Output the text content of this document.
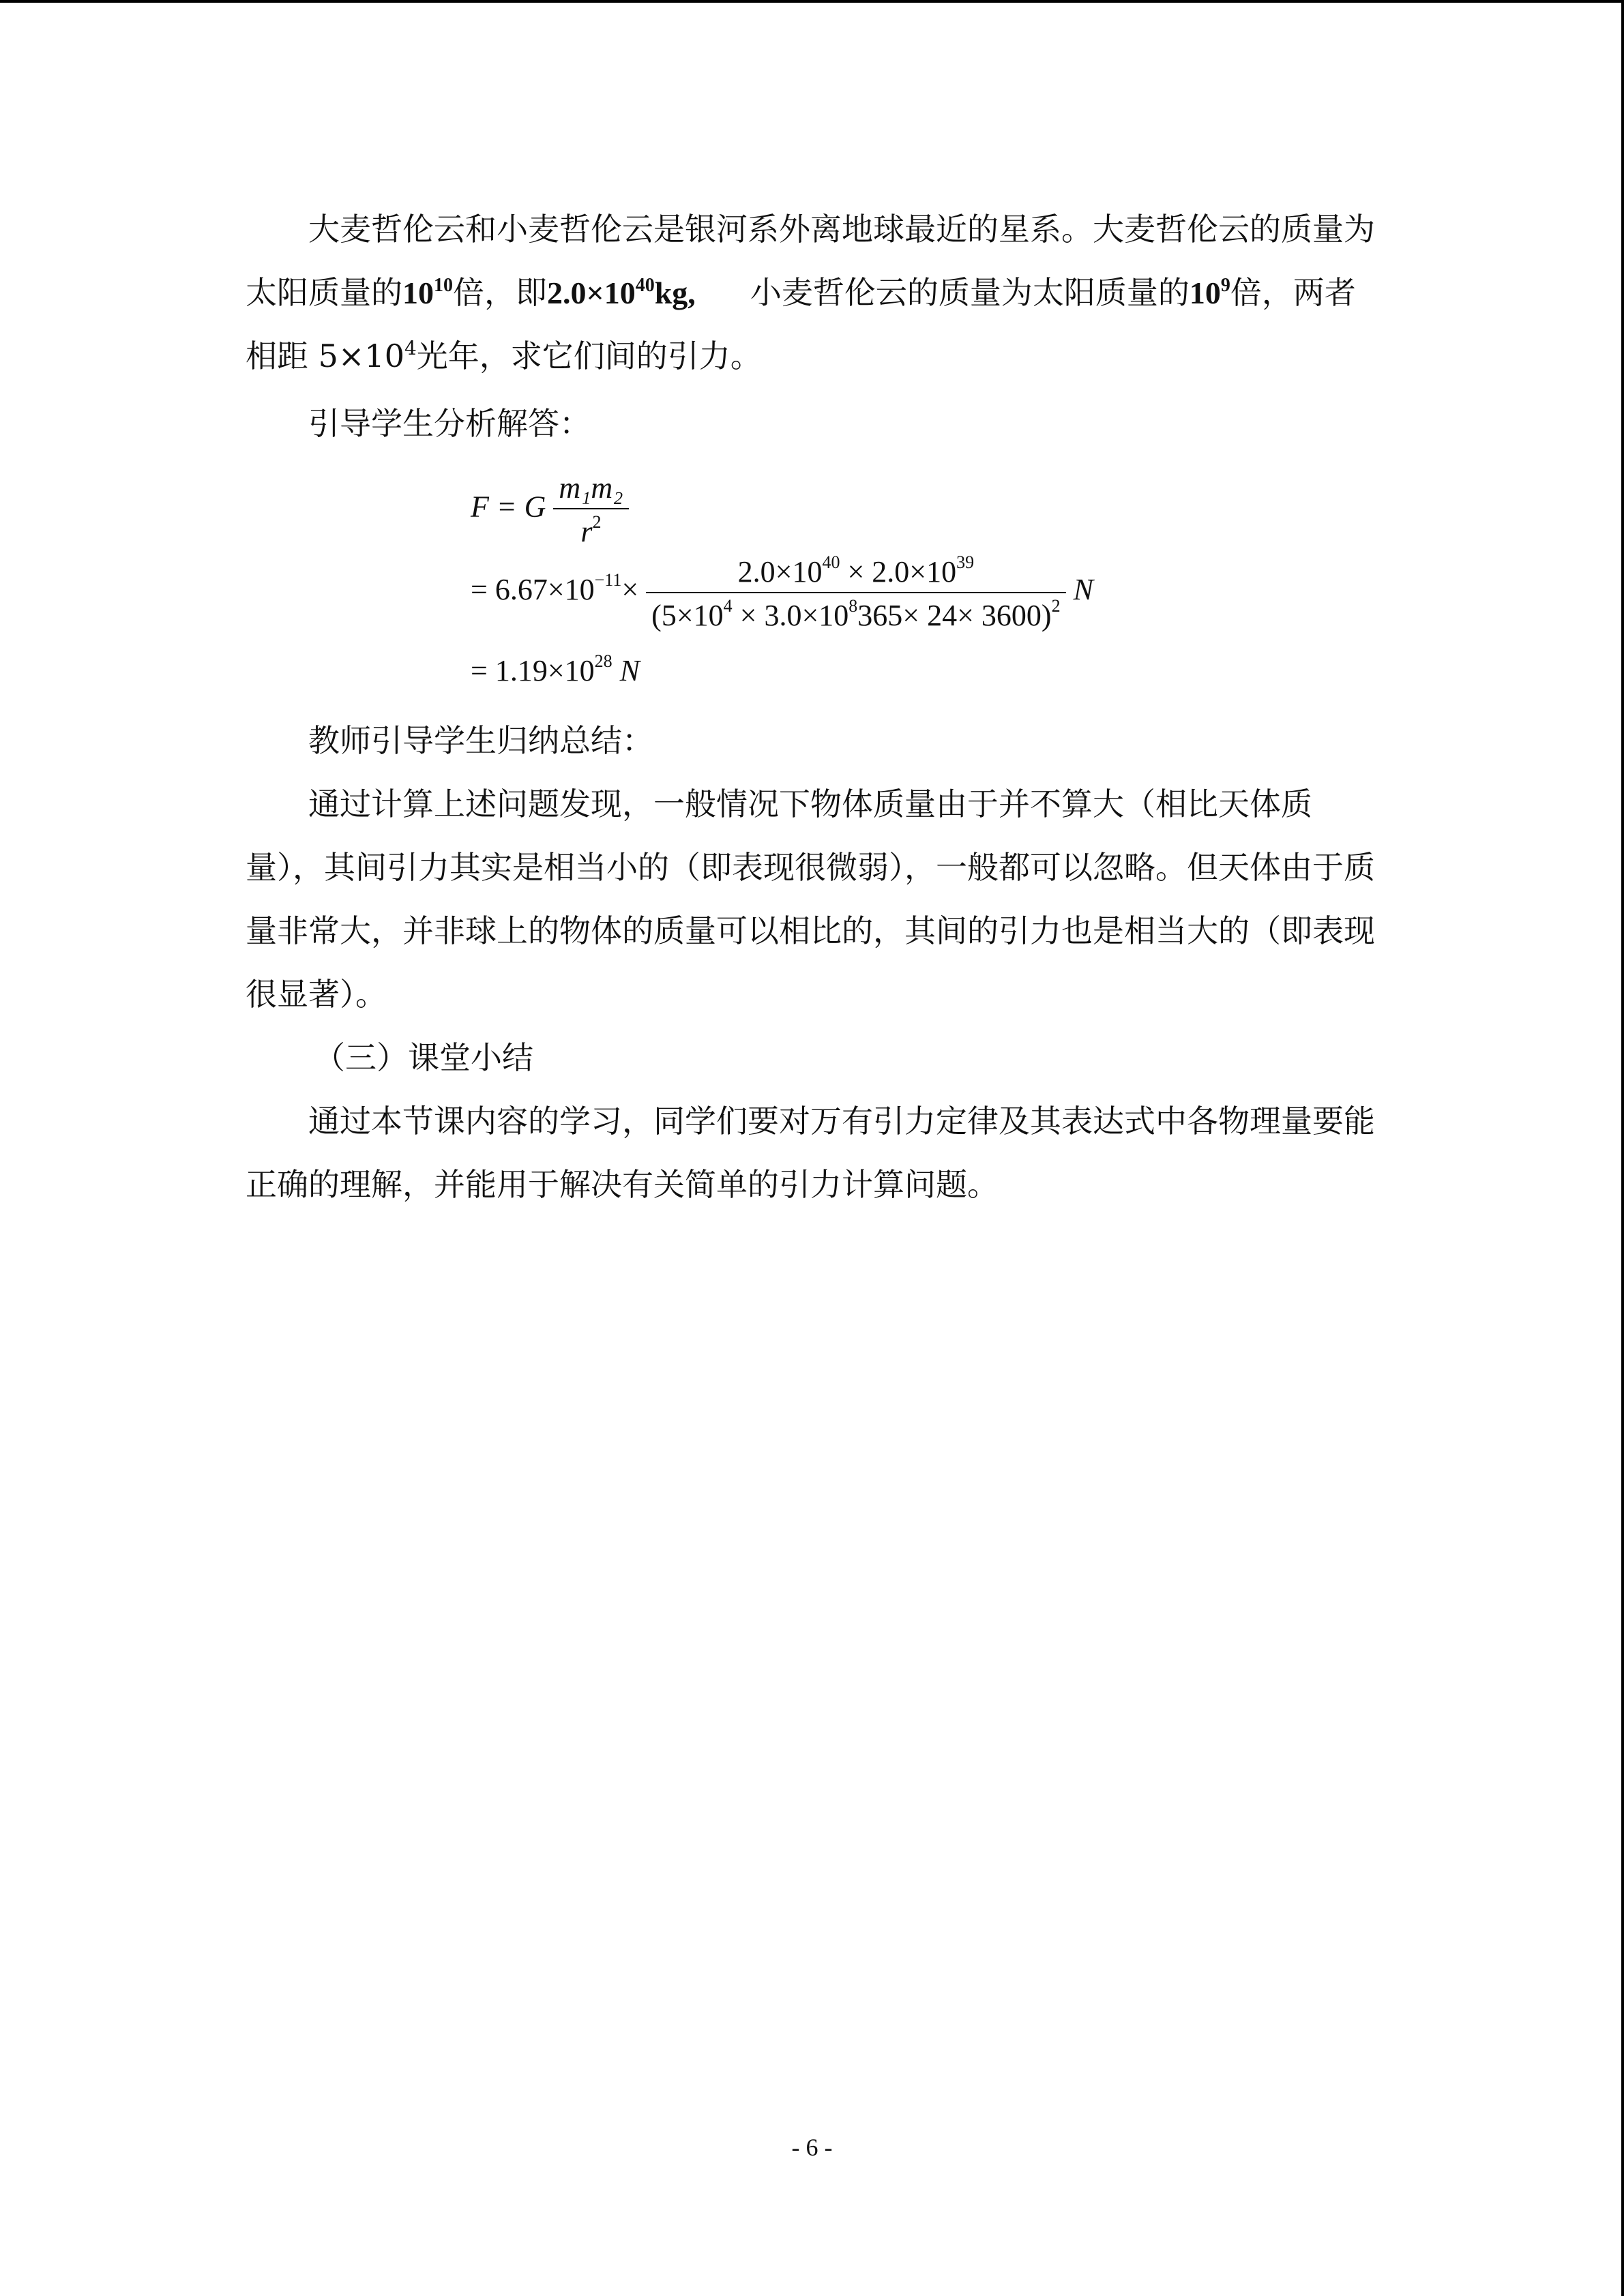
大麦哲伦云和小麦哲伦云是银河系外离地球最近的星系。大麦哲伦云的质量为太阳质量的$10^{10}$倍，即$2.0\times 10^{40}kg$, 小麦哲伦云的质量为太阳质量的$10^9$倍，两者相距 $5\times 10^4$光年，求它们间的引力。

引导学生分析解答：

F = G $\frac{\text{m₁m₂}}{r^2}$
= $6.67\times 10^{-11}\times \frac{2.0\times 10^{40} \times 2.0\times 10^{39}}{(5\times 10^4 \times 3.0\times 10^8365\times 24\times 3600)^2}$ N
= $1.19\times 10^{28}$ N

教师引导学生归纳总结：

通过计算上述问题发现，一般情况下物体质量由于并不算大（相比天体质量），其间引力其实是相当小的（即表现很微弱），一般都可以忽略。但天体由于质量非常大，并非球上的物体的质量可以相比的，其间的引力也是相当大的（即表现很显著）。

（三）课堂小结

通过本节课内容的学习，同学们要对万有引力定律及其表达式中各物理量要能正确的理解，并能用于解决有关简单的引力计算问题。

- 6 -
